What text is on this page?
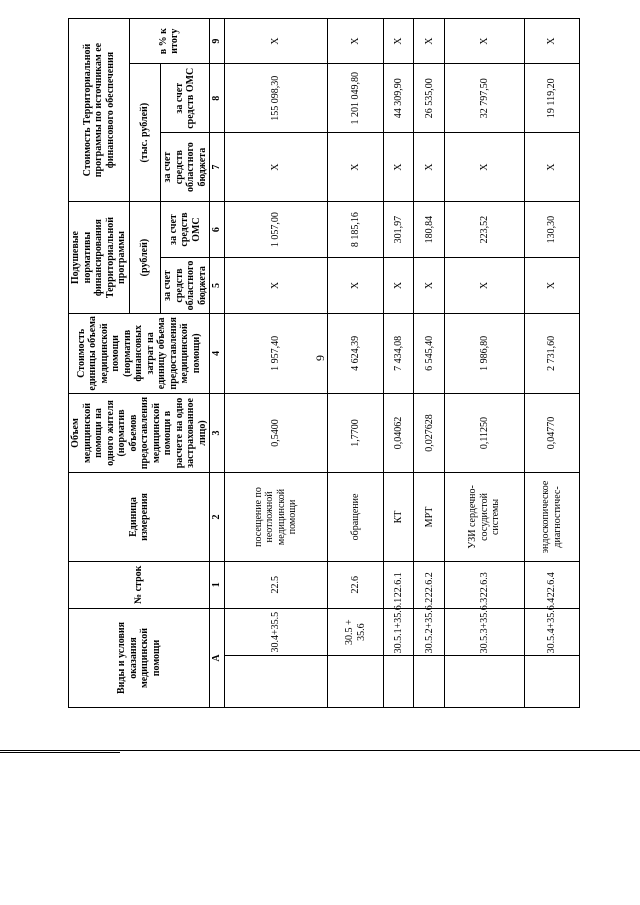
9
Виды и условия оказания медицинской помощи		№ строк	Единица измерения	Объем медицинской помощи на одного жителя (норматив объемов предоставления медицинской помощи в расчете на одно застрахованное лицо)	Стоимость единицы объема медицинской помощи (норматив финансовых затрат на единицу объема предоставления медицинской помощи)	Подушевые нормативы финансирования Территориальной программы		Стоимость Территориальной программы по источникам ее финансового обеспечения		
						(рублей)		(тыс. рублей)		в % к итогу
						за счет средств областного бюджета	за счет средств ОМС	за счет средств областного бюджета	за счет средств ОМС	
А		1	2	3	4	5	6	7	8	9
	30.4+35.5	22.5	посещение по неотложной медицинской помощи	0,5400	1 957,40	X	1 057,00	X	155 098,30	X
	30.5 + 35.6	22.6	обращение	1,7700	4 624,39	X	8 185,16	X	1 201 049,80	X
	30.5.1+35.6.1	22.6.1	КТ	0,04062	7 434,08	X	301,97	X	44 309,90	X
	30.5.2+35.6.2	22.6.2	МРТ	0,027628	6 545,40	X	180,84	X	26 535,00	X
	30.5.3+35.6.3	22.6.3	УЗИ сердечно-сосудистой системы	0,11250	1 986,80	X	223,52	X	32 797,50	X
	30.5.4+35.6.4	22.6.4	эндоскопическое диагностичес-	0,04770	2 731,60	X	130,30	X	19 119,20	X
